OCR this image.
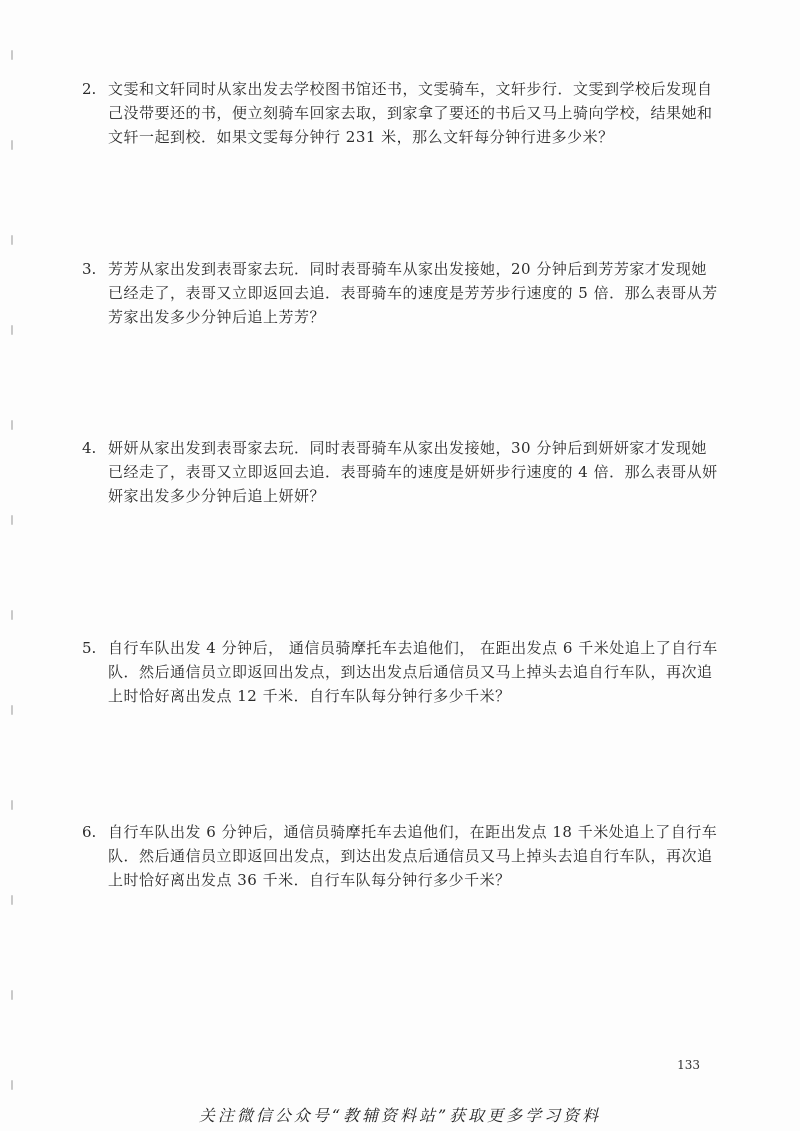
2. 文雯和文轩同时从家出发去学校图书馆还书，文雯骑车，文轩步行．文雯到学校后发现自
己没带要还的书，便立刻骑车回家去取，到家拿了要还的书后又马上骑向学校，结果她和
文轩一起到校．如果文雯每分钟行 231 米，那么文轩每分钟行进多少米？
3. 芳芳从家出发到表哥家去玩．同时表哥骑车从家出发接她，20 分钟后到芳芳家才发现她
已经走了，表哥又立即返回去追．表哥骑车的速度是芳芳步行速度的 5 倍．那么表哥从芳
芳家出发多少分钟后追上芳芳？
4. 妍妍从家出发到表哥家去玩．同时表哥骑车从家出发接她，30 分钟后到妍妍家才发现她
已经走了，表哥又立即返回去追．表哥骑车的速度是妍妍步行速度的 4 倍．那么表哥从妍
妍家出发多少分钟后追上妍妍？
5. 自行车队出发 4 分钟后， 通信员骑摩托车去追他们， 在距出发点 6 千米处追上了自行车
队．然后通信员立即返回出发点，到达出发点后通信员又马上掉头去追自行车队，再次追
上时恰好离出发点 12 千米．自行车队每分钟行多少千米？
6. 自行车队出发 6 分钟后，通信员骑摩托车去追他们，在距出发点 18 千米处追上了自行车
队．然后通信员立即返回出发点，到达出发点后通信员又马上掉头去追自行车队，再次追
上时恰好离出发点 36 千米．自行车队每分钟行多少千米？
133
关注微信公众号“教辅资料站”获取更多学习资料
